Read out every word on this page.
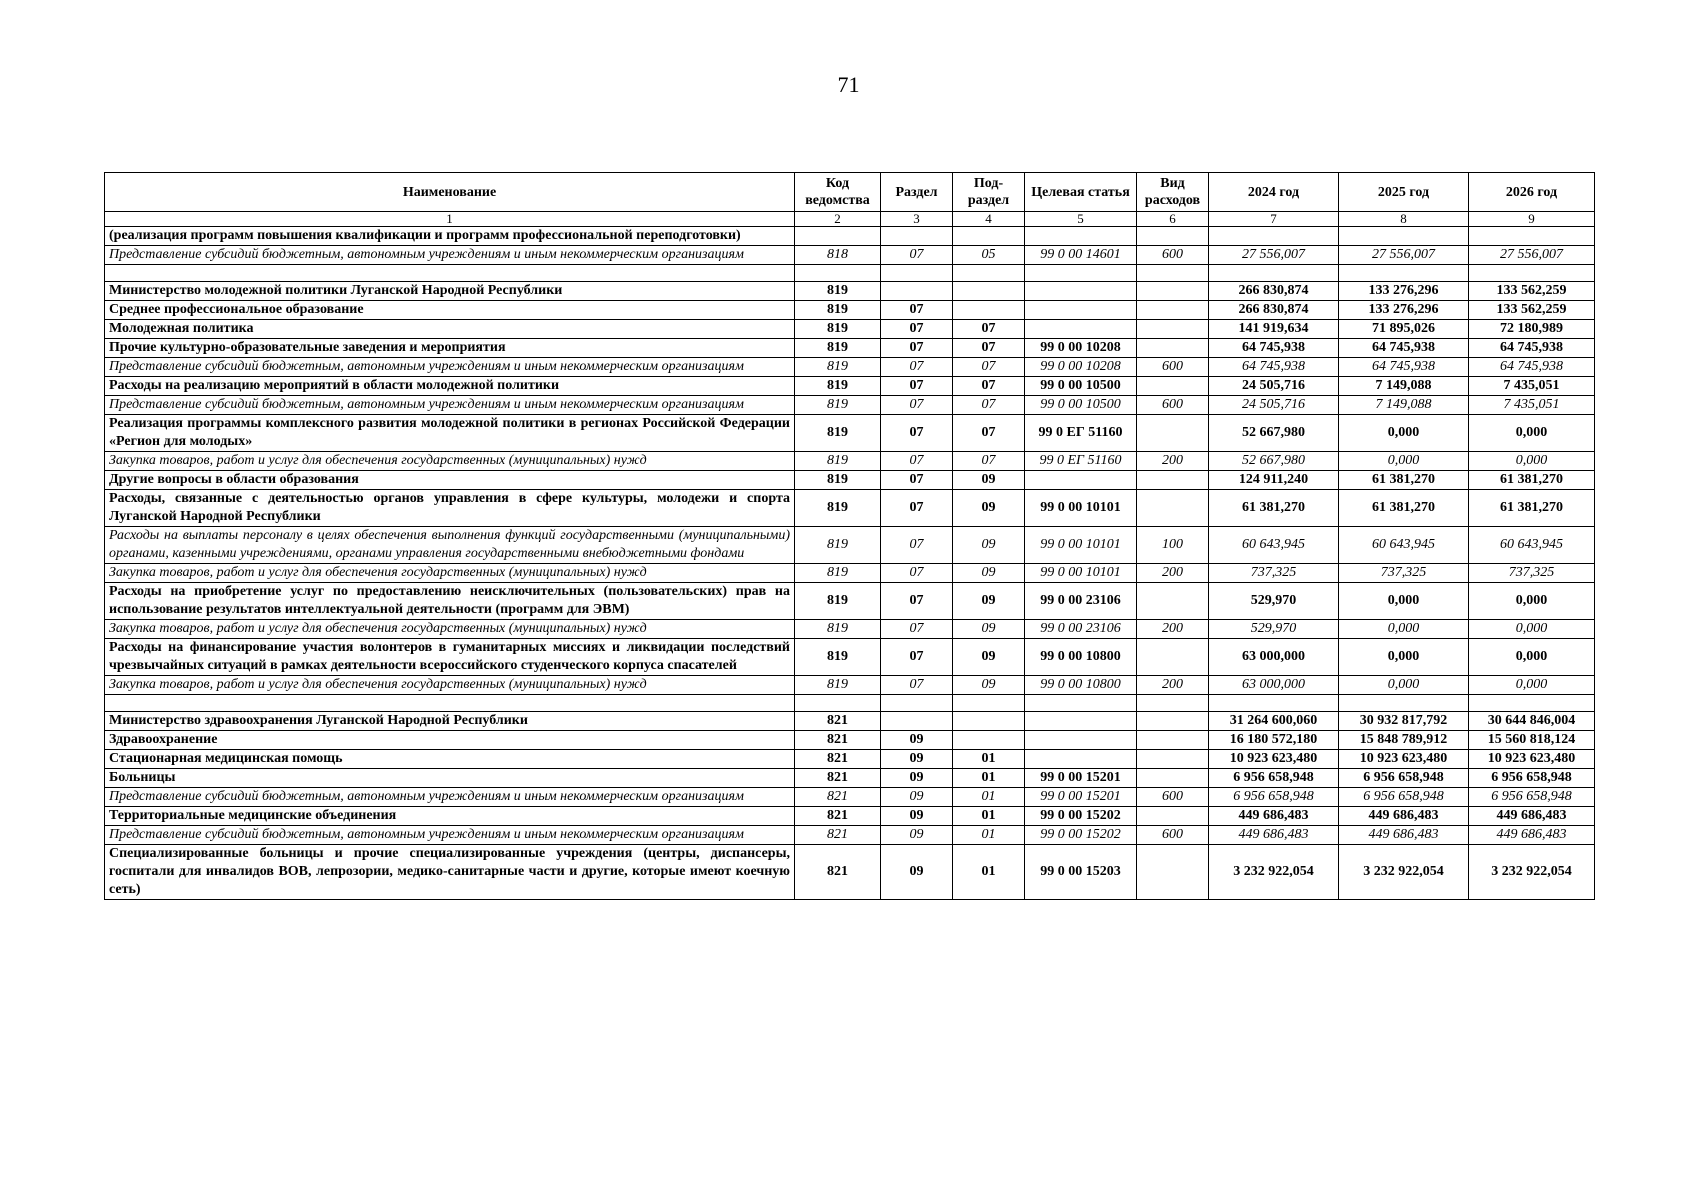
71
Наименование	Код ведомства	Раздел	Под-раздел	Целевая статья	Вид расходов	2024 год	2025 год	2026 год
1	2	3	4	5	6	7	8	9
(реализация программ повышения квалификации и программ профессиональной переподготовки)								
Представление субсидий бюджетным, автономным учреждениям и иным некоммерческим организациям	818	07	05	99 0 00 14601	600	27 556,007	27 556,007	27 556,007

Министерство молодежной политики Луганской Народной Республики	819					266 830,874	133 276,296	133 562,259
Среднее профессиональное образование	819	07				266 830,874	133 276,296	133 562,259
Молодежная политика	819	07	07			141 919,634	71 895,026	72 180,989
Прочие культурно-образовательные заведения и мероприятия	819	07	07	99 0 00 10208		64 745,938	64 745,938	64 745,938
Представление субсидий бюджетным, автономным учреждениям и иным некоммерческим организациям	819	07	07	99 0 00 10208	600	64 745,938	64 745,938	64 745,938
Расходы на реализацию мероприятий в области молодежной политики	819	07	07	99 0 00 10500		24 505,716	7 149,088	7 435,051
Представление субсидий бюджетным, автономным учреждениям и иным некоммерческим организациям	819	07	07	99 0 00 10500	600	24 505,716	7 149,088	7 435,051
Реализация программы комплексного развития молодежной политики в регионах Российской Федерации «Регион для молодых»	819	07	07	99 0 ЕГ 51160		52 667,980	0,000	0,000
Закупка товаров, работ и услуг для обеспечения государственных (муниципальных) нужд	819	07	07	99 0 ЕГ 51160	200	52 667,980	0,000	0,000
Другие вопросы в области образования	819	07	09			124 911,240	61 381,270	61 381,270
Расходы, связанные с деятельностью органов управления в сфере культуры, молодежи и спорта Луганской Народной Республики	819	07	09	99 0 00 10101		61 381,270	61 381,270	61 381,270
Расходы на выплаты персоналу в целях обеспечения выполнения функций государственными (муниципальными) органами, казенными учреждениями, органами управления государственными внебюджетными фондами	819	07	09	99 0 00 10101	100	60 643,945	60 643,945	60 643,945
Закупка товаров, работ и услуг для обеспечения государственных (муниципальных) нужд	819	07	09	99 0 00 10101	200	737,325	737,325	737,325
Расходы на приобретение услуг по предоставлению неисключительных (пользовательских) прав на использование результатов интеллектуальной деятельности (программ для ЭВМ)	819	07	09	99 0 00 23106		529,970	0,000	0,000
Закупка товаров, работ и услуг для обеспечения государственных (муниципальных) нужд	819	07	09	99 0 00 23106	200	529,970	0,000	0,000
Расходы на финансирование участия волонтеров в гуманитарных миссиях и ликвидации последствий чрезвычайных ситуаций в рамках деятельности всероссийского студенческого корпуса спасателей	819	07	09	99 0 00 10800		63 000,000	0,000	0,000
Закупка товаров, работ и услуг для обеспечения государственных (муниципальных) нужд	819	07	09	99 0 00 10800	200	63 000,000	0,000	0,000

Министерство здравоохранения Луганской Народной Республики	821					31 264 600,060	30 932 817,792	30 644 846,004
Здравоохранение	821	09				16 180 572,180	15 848 789,912	15 560 818,124
Стационарная медицинская помощь	821	09	01			10 923 623,480	10 923 623,480	10 923 623,480
Больницы	821	09	01	99 0 00 15201		6 956 658,948	6 956 658,948	6 956 658,948
Представление субсидий бюджетным, автономным учреждениям и иным некоммерческим организациям	821	09	01	99 0 00 15201	600	6 956 658,948	6 956 658,948	6 956 658,948
Территориальные медицинские объединения	821	09	01	99 0 00 15202		449 686,483	449 686,483	449 686,483
Представление субсидий бюджетным, автономным учреждениям и иным некоммерческим организациям	821	09	01	99 0 00 15202	600	449 686,483	449 686,483	449 686,483
Специализированные больницы и прочие специализированные учреждения (центры, диспансеры, госпитали для инвалидов ВОВ, лепрозории, медико-санитарные части и другие, которые имеют коечную сеть)	821	09	01	99 0 00 15203		3 232 922,054	3 232 922,054	3 232 922,054
